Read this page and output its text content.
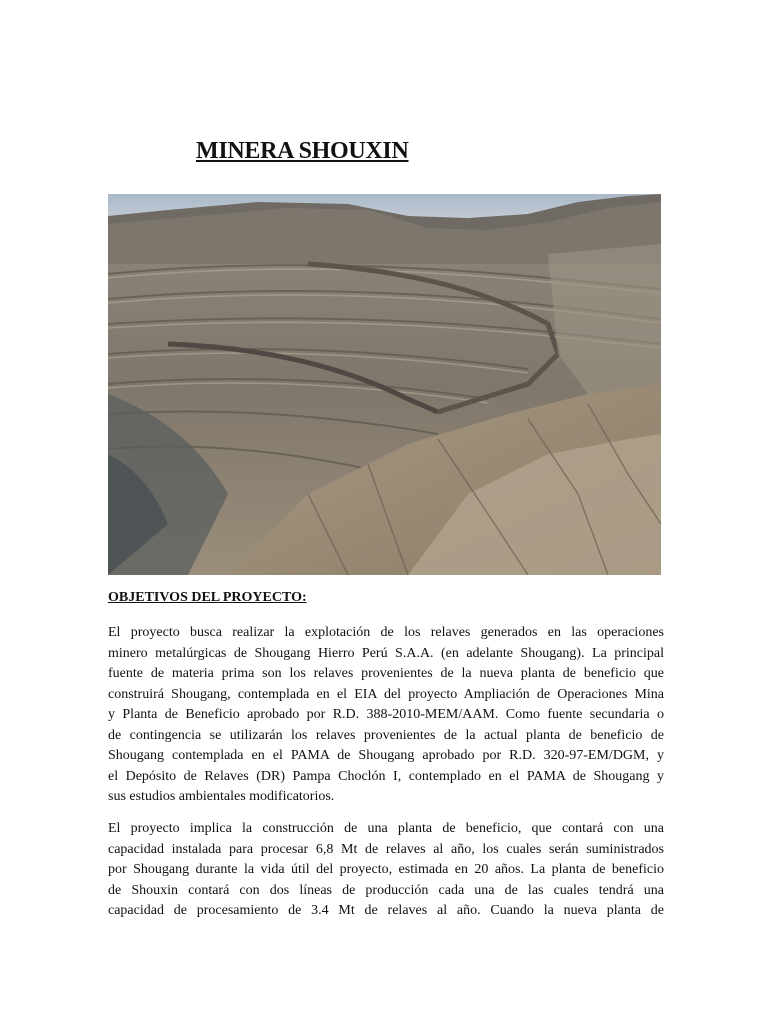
MINERA SHOUXIN
OBJETIVOS DEL PROYECTO:
El proyecto busca realizar la explotación de los relaves generados en las operaciones
minero metalúrgicas de Shougang Hierro Perú S.A.A. (en adelante Shougang). La principal
fuente de materia prima son los relaves provenientes de la nueva planta de beneficio que
construirá Shougang, contemplada en el EIA del proyecto Ampliación de Operaciones Mina
y Planta de Beneficio aprobado por R.D. 388-2010-MEM/AAM. Como fuente secundaria o
de contingencia se utilizarán los relaves provenientes de la actual planta de beneficio de
Shougang contemplada en el PAMA de Shougang aprobado por R.D. 320-97-EM/DGM, y
el Depósito de Relaves (DR) Pampa Choclón I, contemplado en el PAMA de Shougang y
sus estudios ambientales modificatorios.
El proyecto implica la construcción de una planta de beneficio, que contará con una
capacidad instalada para procesar 6,8 Mt de relaves al año, los cuales serán suministrados
por Shougang durante la vida útil del proyecto, estimada en 20 años. La planta de beneficio
de Shouxin contará con dos líneas de producción cada una de las cuales tendrá una
capacidad de procesamiento de 3.4 Mt de relaves al año. Cuando la nueva planta de
